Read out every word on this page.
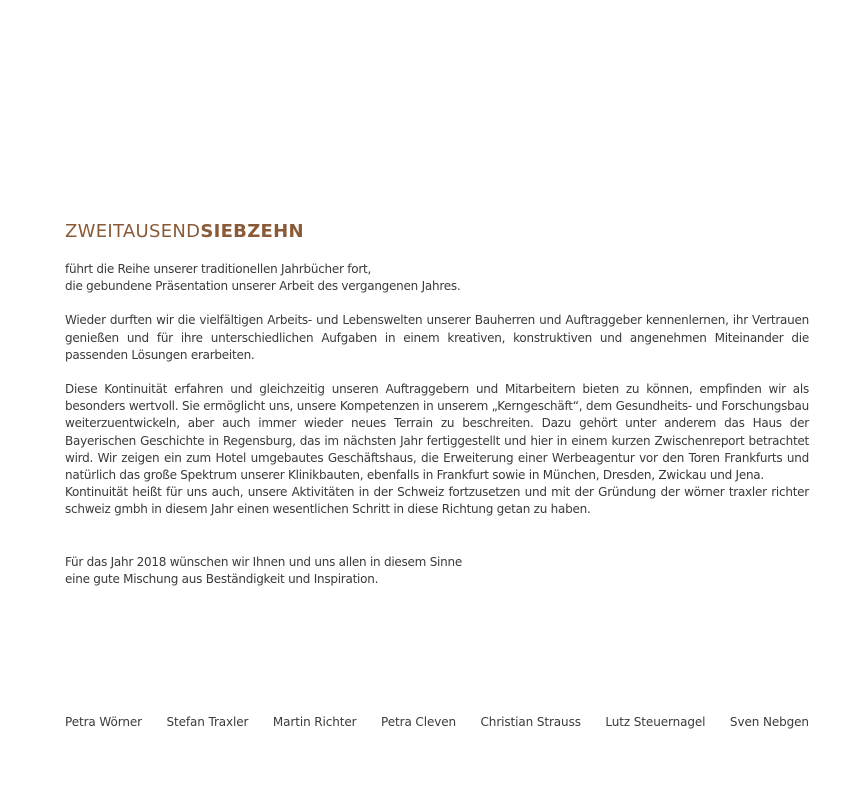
ZWEITAUSENDSIEBZEHN

führt die Reihe unserer traditionellen Jahrbücher fort,
die gebundene Präsentation unserer Arbeit des vergangenen Jahres.

Wieder durften wir die vielfältigen Arbeits- und Lebenswelten unserer Bauherren und Auftraggeber kennenlernen, ihr Vertrauen genießen und für ihre unterschiedlichen Aufgaben in einem kreativen, konstruktiven und angenehmen Miteinander die passenden Lösungen erarbeiten.

Diese Kontinuität erfahren und gleichzeitig unseren Auftraggebern und Mitarbeitern bieten zu können, empfinden wir als besonders wertvoll. Sie ermöglicht uns, unsere Kompetenzen in unserem „Kerngeschäft“, dem Gesundheits- und Forschungsbau weiterzuentwickeln, aber auch immer wieder neues Terrain zu beschreiten. Dazu gehört unter anderem das Haus der Bayerischen Geschichte in Regensburg, das im nächsten Jahr fertiggestellt und hier in einem kurzen Zwischenreport betrachtet wird. Wir zeigen ein zum Hotel umgebautes Geschäftshaus, die Erweiterung einer Werbeagentur vor den Toren Frankfurts und natürlich das große Spektrum unserer Klinikbauten, ebenfalls in Frankfurt sowie in München, Dresden, Zwickau und Jena.

Kontinuität heißt für uns auch, unsere Aktivitäten in der Schweiz fortzusetzen und mit der Gründung der wörner traxler richter schweiz gmbh in diesem Jahr einen wesentlichen Schritt in diese Richtung getan zu haben.

Für das Jahr 2018 wünschen wir Ihnen und uns allen in diesem Sinne
eine gute Mischung aus Beständigkeit und Inspiration.

Petra Wörner Stefan Traxler Martin Richter Petra Cleven Christian Strauss Lutz Steuernagel Sven Nebgen
